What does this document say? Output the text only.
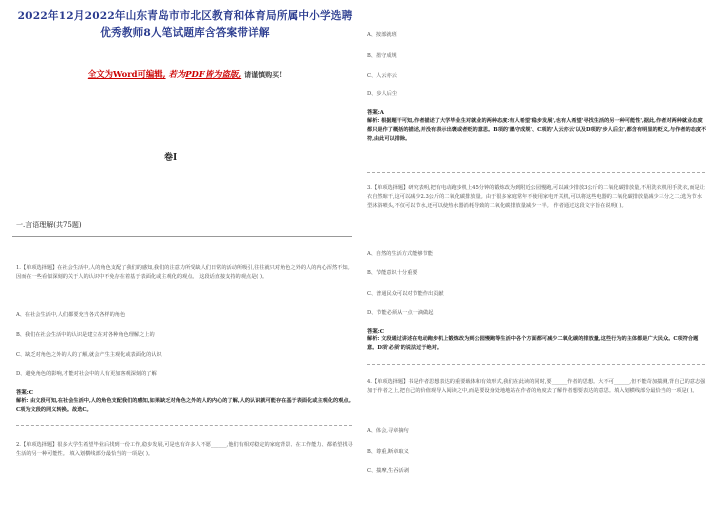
2022年12月2022年山东青岛市市北区教育和体育局所属中小学选聘优秀教师8人笔试题库含答案带详解
全文为Word可编辑, 若为PDF皆为盗版, 请谨慎购买!
卷I
一.言语理解(共75题)
1.【单项选择题】在社会生活中,人的角色支配了我们的感知,我们的注意力所受缺人们日常的活动所吸引,往往就只对角色之外的人的内心浑然不知。因而在一些看似深刻的关于人的认识中不免存在着基于表面化或主观化的观点。 这段话直接支持的观点是( )。
A、在社会生活中,人们都要充当各式各样的角色
B、我们在社会生活中的认识是建立在对各种角色理解之上的
C、缺乏对角色之外的人的了解,就会产生主观化或表面化的认识
D、避免角色的影响,才能对社会中的人有更加客观深刻的了解
答案:C
解析: 由文段可知,在社会生活中,人的角色支配我们的感知,如果缺乏对角色之外的人的内心的了解,人的认识就可能存在基于表面化或主观化的观点。C项为文段的同义转换。故选C。
2.【单项选择题】很多大学生希望毕业后找到一份工作,稳步发展,可是也有许多人不愿______,他们有相对稳定的家庭背景、在工作能力、都希望找寻生活的另一种可能性。 填入划横线部分最恰当的一项是( )。
A、按部就班
B、墨守成规
C、人云亦云
D、步人后尘
答案:A
解析: 根据题干可知,作者描述了大学毕业生对就业的两种态度:有人希望'稳步发展',也有人希望'寻找生活的另一种可能性',据此,作者对两种就业态度都只是作了概括的描述,并没有表示出褒或者贬的意思。B项的'墨守成规'、C项的'人云亦云'以及D项的'步人后尘',都含有明显的贬义,与作者的态度不符,由此可以排除。
3.【单项选择题】研究表明,把有电动跑步机上45分钟的锻炼改为到附近公园慢跑,可以减少排放3公斤的二氧化碳排放量,不用洗衣机用手洗衣,而是让衣自然晾干,这可以减少2.3公斤的二氧化碳排放量。由于很多家庭常年不使用家电开关机,可以将这些电器的二氧化碳排放量减少三分之二;选为节水型沐浴喷头,不仅可以节水,还可以使热水器消耗导致的二氧化碳排放量减少一半。 作者通过这段文字旨在说明( )。
A、自然的生活方式能够节能
B、节能意识十分重要
C、普通民众可以对节能作出贡献
D、节能必须从一点一滴做起
答案:C
解析: 文段通过讲述在电动跑步机上锻炼改为到公园慢跑等生活中各个方面都可减少二氧化碳的排放量,这些行为的主体都是广大民众。C项符合题意。D项'必须'的说法过于绝对。
4.【单项选择题】书是作者思想表达的重要载体和有效形式,我们在此读的同时,要______作者的思想。大不可______,但不能苛加揣测,背自己的意志强加于作者之上,把自己的价值观导入阅读之中,而是要设身处地地站在作者的角度去了解作者想要表达的意思。填入划横线部分最恰当的一项是( )。
A、体会,寻章摘句
B、尊重,断章取义
C、揣摩,生吞活剥
